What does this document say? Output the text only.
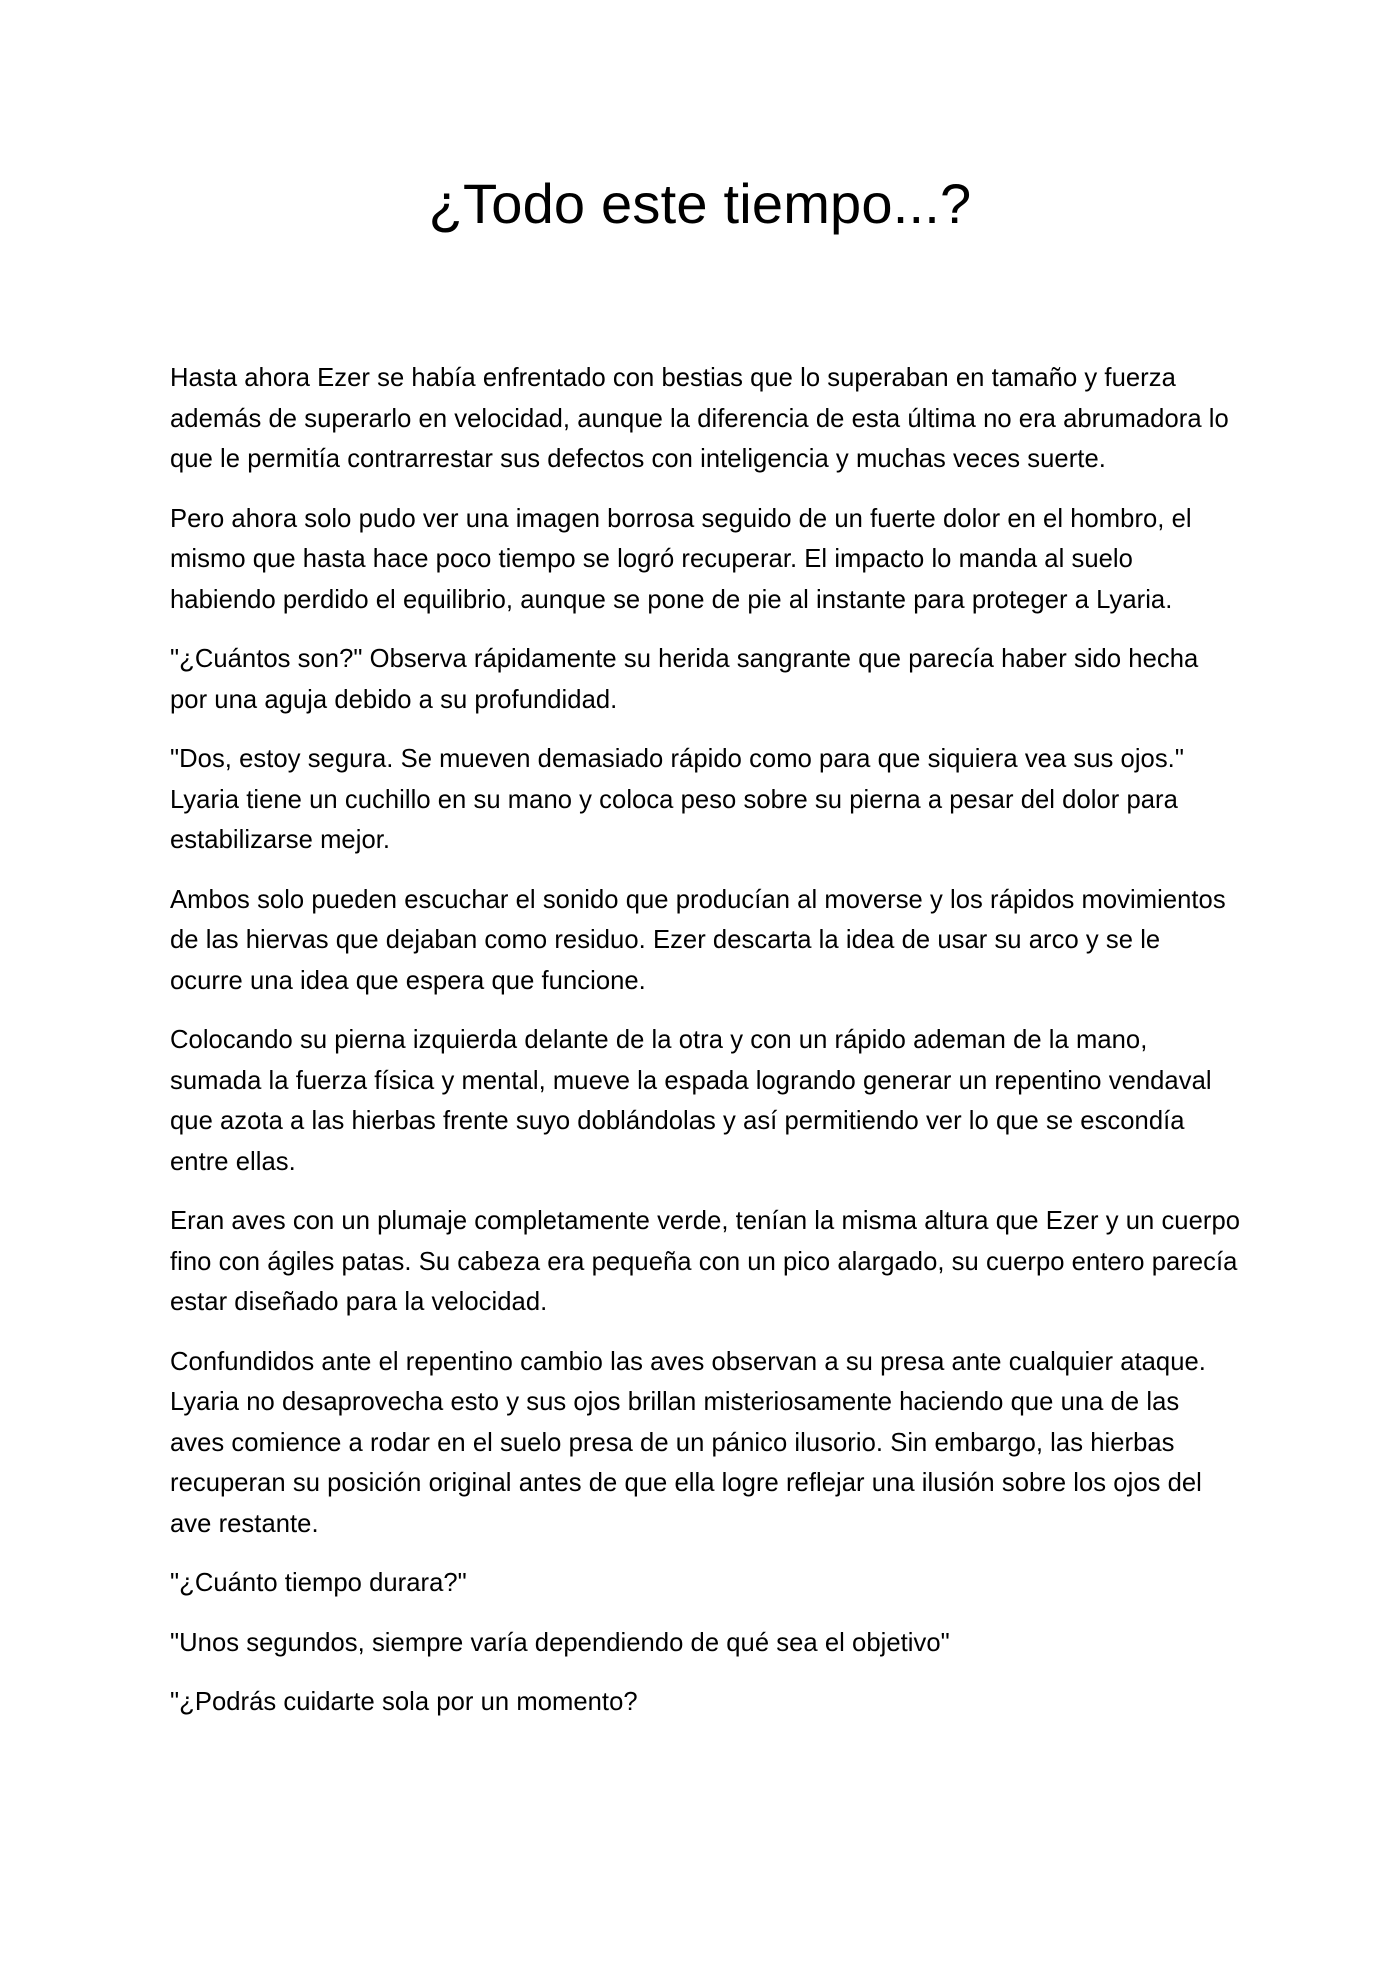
¿Todo este tiempo...?

Hasta ahora Ezer se había enfrentado con bestias que lo superaban en tamaño y fuerza además de superarlo en velocidad, aunque la diferencia de esta última no era abrumadora lo que le permitía contrarrestar sus defectos con inteligencia y muchas veces suerte.

Pero ahora solo pudo ver una imagen borrosa seguido de un fuerte dolor en el hombro, el mismo que hasta hace poco tiempo se logró recuperar. El impacto lo manda al suelo habiendo perdido el equilibrio, aunque se pone de pie al instante para proteger a Lyaria.

"¿Cuántos son?" Observa rápidamente su herida sangrante que parecía haber sido hecha por una aguja debido a su profundidad.

"Dos, estoy segura. Se mueven demasiado rápido como para que siquiera vea sus ojos." Lyaria tiene un cuchillo en su mano y coloca peso sobre su pierna a pesar del dolor para estabilizarse mejor.

Ambos solo pueden escuchar el sonido que producían al moverse y los rápidos movimientos de las hiervas que dejaban como residuo. Ezer descarta la idea de usar su arco y se le ocurre una idea que espera que funcione.

Colocando su pierna izquierda delante de la otra y con un rápido ademan de la mano, sumada la fuerza física y mental, mueve la espada logrando generar un repentino vendaval que azota a las hierbas frente suyo doblándolas y así permitiendo ver lo que se escondía entre ellas.

Eran aves con un plumaje completamente verde, tenían la misma altura que Ezer y un cuerpo fino con ágiles patas. Su cabeza era pequeña con un pico alargado, su cuerpo entero parecía estar diseñado para la velocidad.

Confundidos ante el repentino cambio las aves observan a su presa ante cualquier ataque. Lyaria no desaprovecha esto y sus ojos brillan misteriosamente haciendo que una de las aves comience a rodar en el suelo presa de un pánico ilusorio. Sin embargo, las hierbas recuperan su posición original antes de que ella logre reflejar una ilusión sobre los ojos del ave restante.

"¿Cuánto tiempo durara?"

"Unos segundos, siempre varía dependiendo de qué sea el objetivo"

"¿Podrás cuidarte sola por un momento?
